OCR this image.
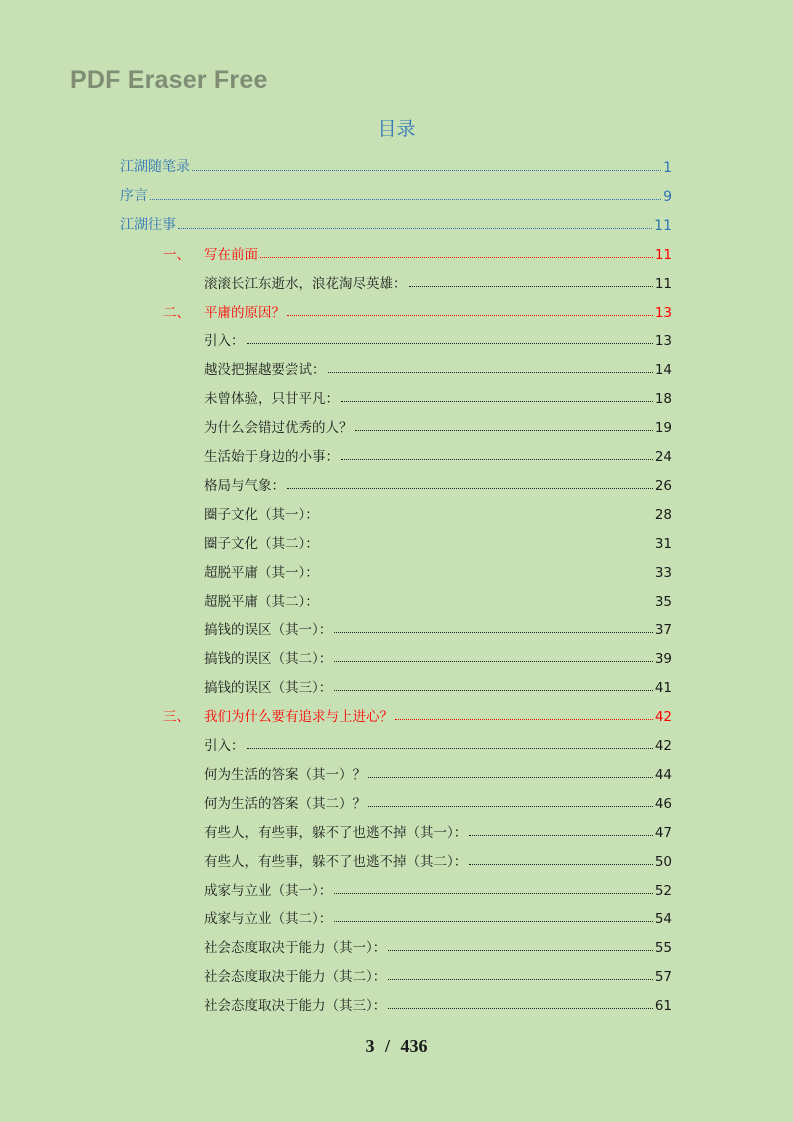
PDF Eraser Free
目录
江湖随笔录	1
序言	9
江湖往事	11
一、	写在前面	11
滚滚长江东逝水，浪花淘尽英雄：	11
二、	平庸的原因？	13
引入：	13
越没把握越要尝试：	14
未曾体验，只甘平凡：	18
为什么会错过优秀的人？	19
生活始于身边的小事：	24
格局与气象：	26
圈子文化（其一）：	28
圈子文化（其二）：	31
超脱平庸（其一）：	33
超脱平庸（其二）：	35
搞钱的误区（其一）：	37
搞钱的误区（其二）：	39
搞钱的误区（其三）：	41
三、	我们为什么要有追求与上进心？	42
引入：	42
何为生活的答案（其一）？	44
何为生活的答案（其二）？	46
有些人，有些事，躲不了也逃不掉（其一）：	47
有些人，有些事，躲不了也逃不掉（其二）：	50
成家与立业（其一）：	52
成家与立业（其二）：	54
社会态度取决于能力（其一）：	55
社会态度取决于能力（其二）：	57
社会态度取决于能力（其三）：	61
3 / 436
